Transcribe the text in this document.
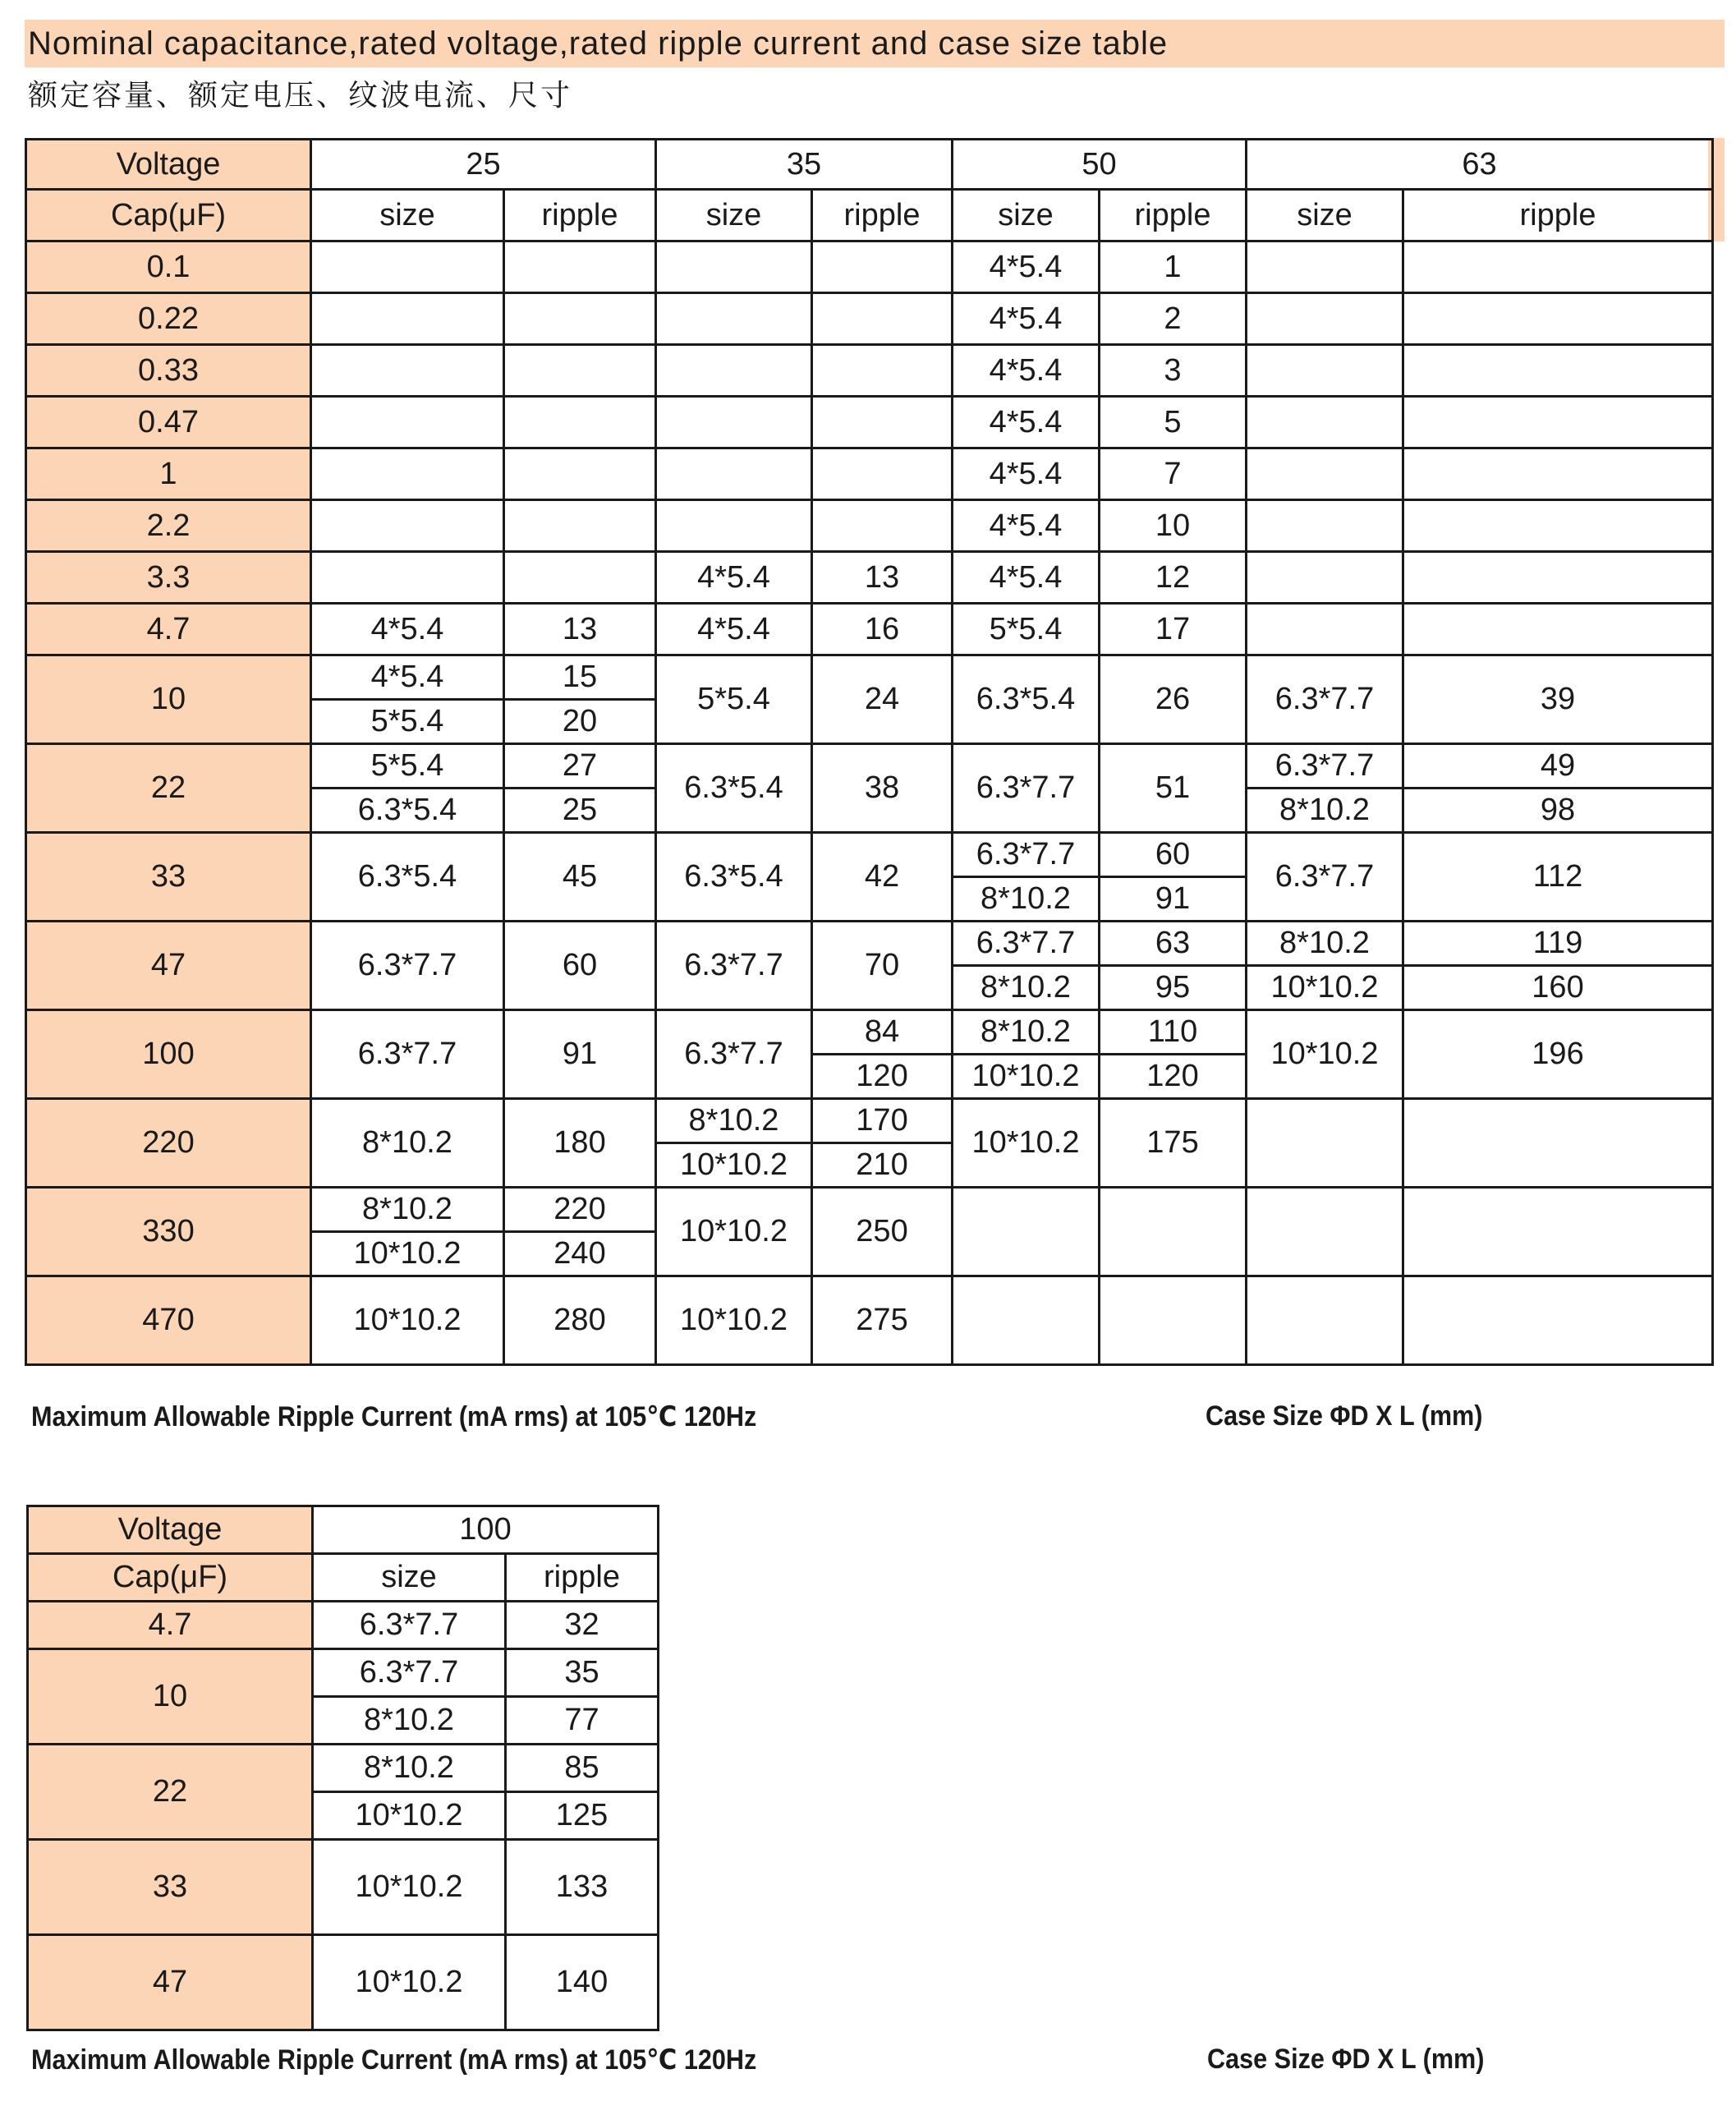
Nominal capacitance,rated voltage,rated ripple current and case size table
额定容量、额定电压、纹波电流、尺寸
Voltage	25		35		50		63	
Cap(μF)	size	ripple	size	ripple	size	ripple	size	ripple
0.1					4*5.4	1		
0.22					4*5.4	2		
0.33					4*5.4	3		
0.47					4*5.4	5		
1					4*5.4	7		
2.2					4*5.4	10		
3.3			4*5.4	13	4*5.4	12		
4.7	4*5.4	13	4*5.4	16	5*5.4	17		
10	4*5.4	15	5*5.4	24	6.3*5.4	26	6.3*7.7	39
	5*5.4	20						
22	5*5.4	27	6.3*5.4	38	6.3*7.7	51	6.3*7.7	49
	6.3*5.4	25					8*10.2	98
33	6.3*5.4	45	6.3*5.4	42	6.3*7.7	60	6.3*7.7	112
					8*10.2	91		
47	6.3*7.7	60	6.3*7.7	70	6.3*7.7	63	8*10.2	119
					8*10.2	95	10*10.2	160
100	6.3*7.7	91	6.3*7.7	84	8*10.2	110	10*10.2	196
				120	10*10.2	120		
220	8*10.2	180	8*10.2	170	10*10.2	175		
			10*10.2	210				
330	8*10.2	220	10*10.2	250				
	10*10.2	240						
470	10*10.2	280	10*10.2	275				
Maximum Allowable Ripple Current (mA rms) at 105℃ 120Hz	Case Size ΦD X L (mm)
Voltage	100	
Cap(μF)	size	ripple
4.7	6.3*7.7	32
10	6.3*7.7	35
	8*10.2	77
22	8*10.2	85
	10*10.2	125
33	10*10.2	133
47	10*10.2	140
Maximum Allowable Ripple Current (mA rms) at 105℃ 120Hz	Case Size ΦD X L (mm)
